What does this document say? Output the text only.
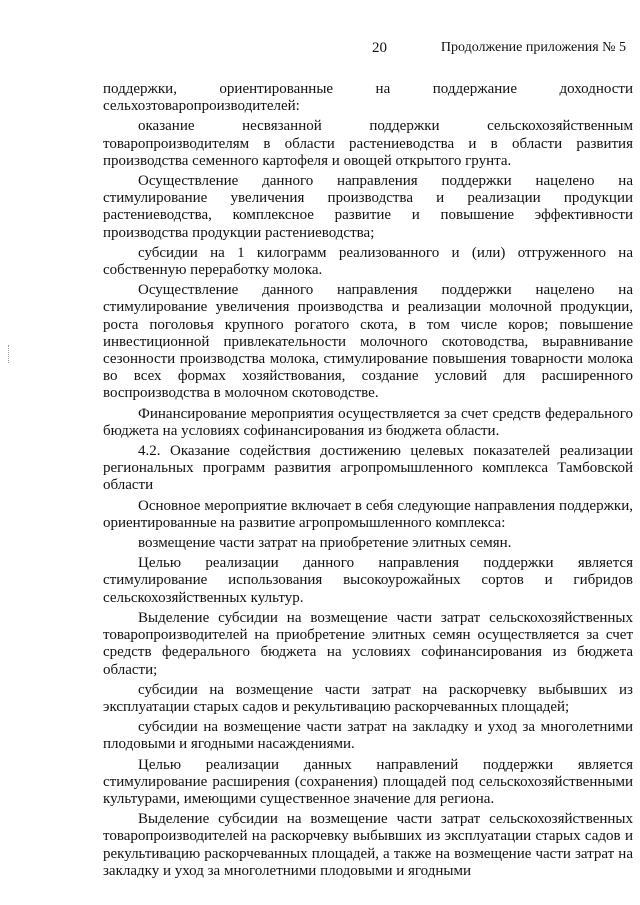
20	Продолжение приложения № 5

поддержки, ориентированные на поддержание доходности сельхозтоваропроизводителей:

оказание несвязанной поддержки сельскохозяйственным товаропроизводителям в области растениеводства и в области развития производства семенного картофеля и овощей открытого грунта.

Осуществление данного направления поддержки нацелено на стимулирование увеличения производства и реализации продукции растениеводства, комплексное развитие и повышение эффективности производства продукции растениеводства;

субсидии на 1 килограмм реализованного и (или) отгруженного на собственную переработку молока.

Осуществление данного направления поддержки нацелено на стимулирование увеличения производства и реализации молочной продукции, роста поголовья крупного рогатого скота, в том числе коров; повышение инвестиционной привлекательности молочного скотоводства, выравнивание сезонности производства молока, стимулирование повышения товарности молока во всех формах хозяйствования, создание условий для расширенного воспроизводства в молочном скотоводстве.

Финансирование мероприятия осуществляется за счет средств федерального бюджета на условиях софинансирования из бюджета области.

4.2. Оказание содействия достижению целевых показателей реализации региональных программ развития агропромышленного комплекса Тамбовской области

Основное мероприятие включает в себя следующие направления поддержки, ориентированные на развитие агропромышленного комплекса:

возмещение части затрат на приобретение элитных семян.

Целью реализации данного направления поддержки является стимулирование использования высокоурожайных сортов и гибридов сельскохозяйственных культур.

Выделение субсидии на возмещение части затрат сельскохозяйственных товаропроизводителей на приобретение элитных семян осуществляется за счет средств федерального бюджета на условиях софинансирования из бюджета области;

субсидии на возмещение части затрат на раскорчевку выбывших из эксплуатации старых садов и рекультивацию раскорчеванных площадей;

субсидии на возмещение части затрат на закладку и уход за многолетними плодовыми и ягодными насаждениями.

Целью реализации данных направлений поддержки является стимулирование расширения (сохранения) площадей под сельскохозяйственными культурами, имеющими существенное значение для региона.

Выделение субсидии на возмещение части затрат сельскохозяйственных товаропроизводителей на раскорчевку выбывших из эксплуатации старых садов и рекультивацию раскорчеванных площадей, а также на возмещение части затрат на закладку и уход за многолетними плодовыми и ягодными
